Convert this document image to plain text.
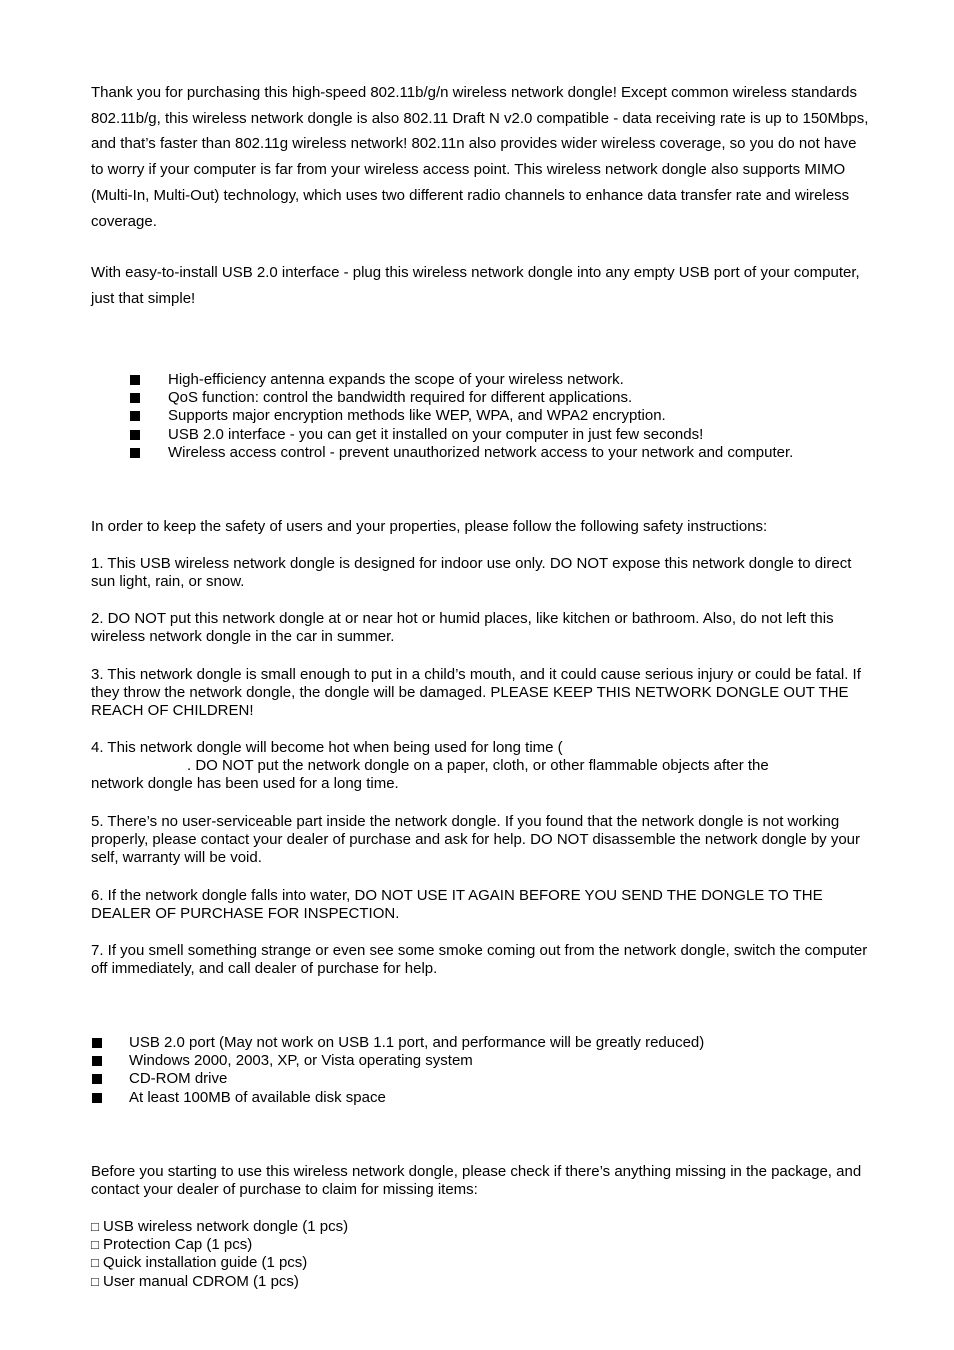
Thank you for purchasing this high-speed 802.11b/g/n wireless network dongle! Except common wireless standards 802.11b/g, this wireless network dongle is also 802.11 Draft N v2.0 compatible - data receiving rate is up to 150Mbps, and that’s faster than 802.11g wireless network! 802.11n also provides wider wireless coverage, so you do not have to worry if your computer is far from your wireless access point. This wireless network dongle also supports MIMO (Multi-In, Multi-Out) technology, which uses two different radio channels to enhance data transfer rate and wireless coverage.

With easy-to-install USB 2.0 interface - plug this wireless network dongle into any empty USB port of your computer, just that simple!

High-efficiency antenna expands the scope of your wireless network.
QoS function: control the bandwidth required for different applications.
Supports major encryption methods like WEP, WPA, and WPA2 encryption.
USB 2.0 interface - you can get it installed on your computer in just few seconds!
Wireless access control - prevent unauthorized network access to your network and computer.

In order to keep the safety of users and your properties, please follow the following safety instructions:

1. This USB wireless network dongle is designed for indoor use only. DO NOT expose this network dongle to direct sun light, rain, or snow.

2. DO NOT put this network dongle at or near hot or humid places, like kitchen or bathroom. Also, do not left this wireless network dongle in the car in summer.

3. This network dongle is small enough to put in a child’s mouth, and it could cause serious injury or could be fatal. If they throw the network dongle, the dongle will be damaged. PLEASE KEEP THIS NETWORK DONGLE OUT THE REACH OF CHILDREN!

4. This network dongle will become hot when being used for long time (
. DO NOT put the network dongle on a paper, cloth, or other flammable objects after the
network dongle has been used for a long time.

5. There’s no user-serviceable part inside the network dongle. If you found that the network dongle is not working properly, please contact your dealer of purchase and ask for help. DO NOT disassemble the network dongle by your self, warranty will be void.

6. If the network dongle falls into water, DO NOT USE IT AGAIN BEFORE YOU SEND THE DONGLE TO THE DEALER OF PURCHASE FOR INSPECTION.

7. If you smell something strange or even see some smoke coming out from the network dongle, switch the computer off immediately, and call dealer of purchase for help.

USB 2.0 port (May not work on USB 1.1 port, and performance will be greatly reduced)
Windows 2000, 2003, XP, or Vista operating system
CD-ROM drive
At least 100MB of available disk space

Before you starting to use this wireless network dongle, please check if there’s anything missing in the package, and contact your dealer of purchase to claim for missing items:

□ USB wireless network dongle (1 pcs)
□ Protection Cap (1 pcs)
□ Quick installation guide (1 pcs)
□ User manual CDROM (1 pcs)
